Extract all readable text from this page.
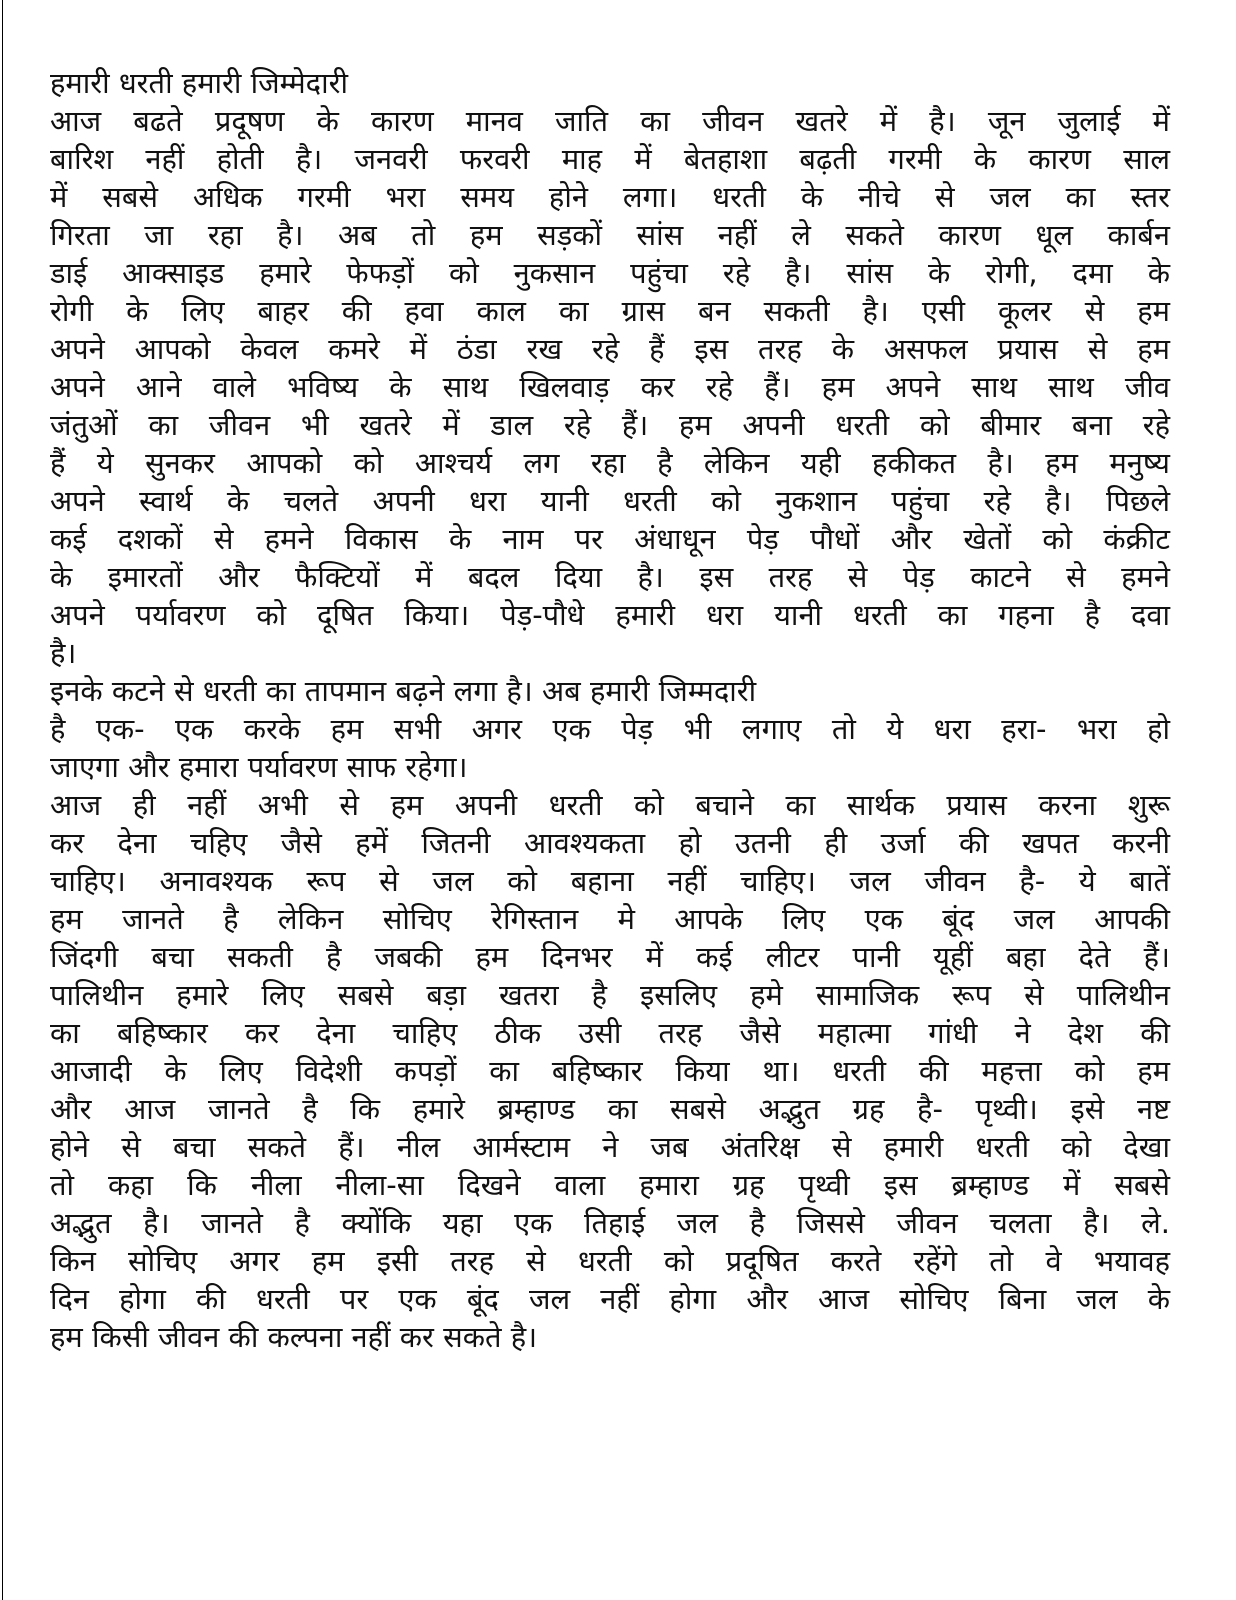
हमारी धरती हमारी जिम्मेदारी
आज बढते प्रदूषण के कारण मानव जाति का जीवन खतरे में है। जून जुलाई में
बारिश नहीं होती है। जनवरी फरवरी माह में बेतहाशा बढ़ती गरमी के कारण साल
में सबसे अधिक गरमी भरा समय होने लगा। धरती के नीचे से जल का स्तर
गिरता जा रहा है। अब तो हम सड़कों सांस नहीं ले सकते कारण धूल कार्बन
डाई आक्साइड हमारे फेफड़ों को नुकसान पहुंचा रहे है। सांस के रोगी, दमा के
रोगी के लिए बाहर की हवा काल का ग्रास बन सकती है। एसी कूलर से हम
अपने आपको केवल कमरे में ठंडा रख रहे हैं इस तरह के असफल प्रयास से हम
अपने आने वाले भविष्य के साथ खिलवाड़ कर रहे हैं। हम अपने साथ साथ जीव
जंतुओं का जीवन भी खतरे में डाल रहे हैं। हम अपनी धरती को बीमार बना रहे
हैं ये सुनकर आपको को आश्चर्य लग रहा है लेकिन यही हकीकत है। हम मनुष्य
अपने स्वार्थ के चलते अपनी धरा यानी धरती को नुकशान पहुंचा रहे है। पिछले
कई दशकों से हमने विकास के नाम पर अंधाधून पेड़ पौधों और खेतों को कंक्रीट
के इमारतों और फैक्टियों में बदल दिया है। इस तरह से पेड़ काटने से हमने
अपने पर्यावरण को दूषित किया। पेड़-पौधे हमारी धरा यानी धरती का गहना है दवा
है।
इनके कटने से धरती का तापमान बढ़ने लगा है। अब हमारी जिम्मदारी
है एक- एक करके हम सभी अगर एक पेड़ भी लगाए तो ये धरा हरा- भरा हो
जाएगा और हमारा पर्यावरण साफ रहेगा।
आज ही नहीं अभी से हम अपनी धरती को बचाने का सार्थक प्रयास करना शुरू
कर देना चहिए जैसे हमें जितनी आवश्यकता हो उतनी ही उर्जा की खपत करनी
चाहिए। अनावश्यक रूप से जल को बहाना नहीं चाहिए। जल जीवन है- ये बातें
हम जानते है लेकिन सोचिए रेगिस्तान मे आपके लिए एक बूंद जल आपकी
जिंदगी बचा सकती है जबकी हम दिनभर में कई लीटर पानी यूहीं बहा देते हैं।
पालिथीन हमारे लिए सबसे बड़ा खतरा है इसलिए हमे सामाजिक रूप से पालिथीन
का बहिष्कार कर देना चाहिए ठीक उसी तरह जैसे महात्मा गांधी ने देश की
आजादी के लिए विदेशी कपड़ों का बहिष्कार किया था। धरती की महत्ता को हम
और आज जानते है कि हमारे ब्रम्हाण्ड का सबसे अद्भुत ग्रह है- पृथ्वी। इसे नष्ट
होने से बचा सकते हैं। नील आर्मस्टाम ने जब अंतरिक्ष से हमारी धरती को देखा
तो कहा कि नीला नीला-सा दिखने वाला हमारा ग्रह पृथ्वी इस ब्रम्हाण्ड में सबसे
अद्भुत है। जानते है क्योंकि यहा एक तिहाई जल है जिससे जीवन चलता है। ले.
किन सोचिए अगर हम इसी तरह से धरती को प्रदूषित करते रहेंगे तो वे भयावह
दिन होगा की धरती पर एक बूंद जल नहीं होगा और आज सोचिए बिना जल के
हम किसी जीवन की कल्पना नहीं कर सकते है।
